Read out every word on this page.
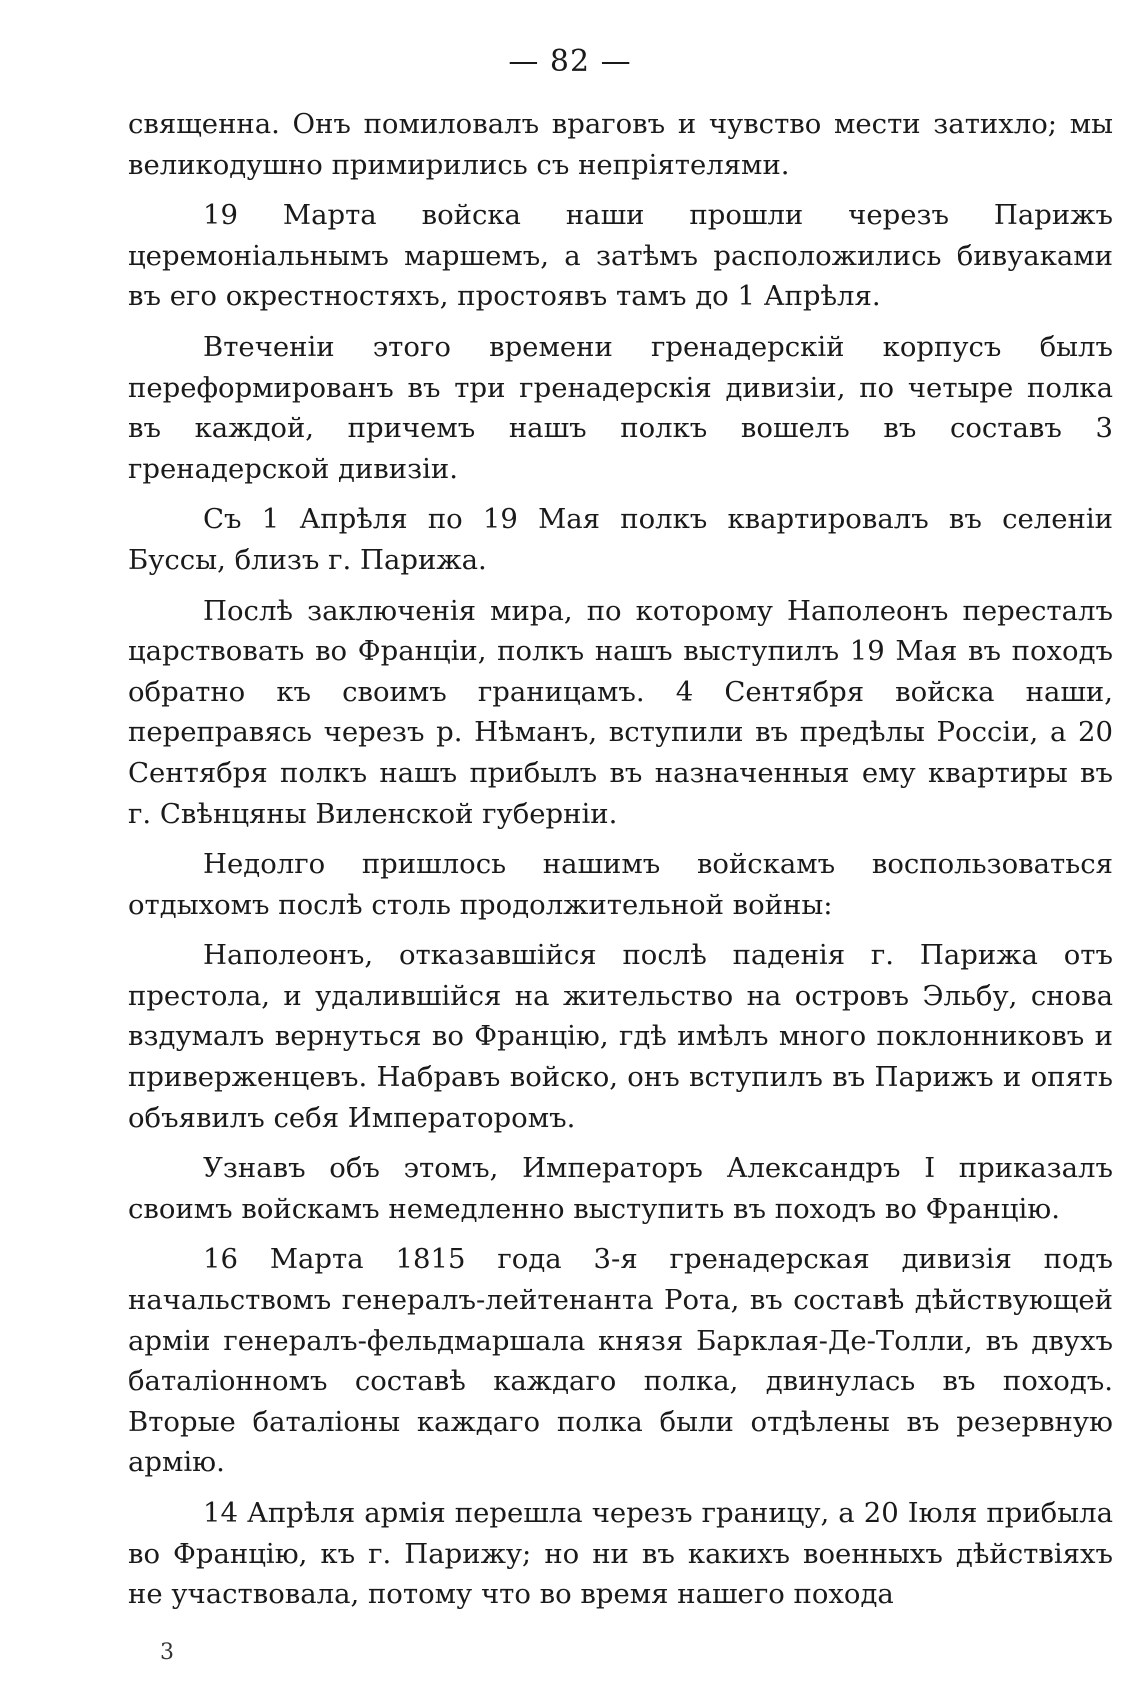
— 82 —

священна. Онъ помиловалъ враговъ и чувство мести затихло; мы великодушно примирились съ непріятелями.

19 Марта войска наши прошли черезъ Парижъ церемоніальнымъ маршемъ, а затѣмъ расположились бивуаками въ его окрестностяхъ, простоявъ тамъ до 1 Апрѣля.

Втеченіи этого времени гренадерскій корпусъ былъ переформированъ въ три гренадерскія дивизіи, по четыре полка въ каждой, причемъ нашъ полкъ вошелъ въ составъ 3 гренадерской дивизіи.

Съ 1 Апрѣля по 19 Мая полкъ квартировалъ въ селеніи Буссы, близъ г. Парижа.

Послѣ заключенія мира, по которому Наполеонъ пересталъ царствовать во Франціи, полкъ нашъ выступилъ 19 Мая въ походъ обратно къ своимъ границамъ. 4 Сентября войска наши, переправясь черезъ р. Нѣманъ, вступили въ предѣлы Россіи, а 20 Сентября полкъ нашъ прибылъ въ назначенныя ему квартиры въ г. Свѣнцяны Виленской губерніи.

Недолго пришлось нашимъ войскамъ воспользоваться отдыхомъ послѣ столь продолжительной войны:

Наполеонъ, отказавшійся послѣ паденія г. Парижа отъ престола, и удалившійся на жительство на островъ Эльбу, снова вздумалъ вернуться во Францію, гдѣ имѣлъ много поклонниковъ и приверженцевъ. Набравъ войско, онъ вступилъ въ Парижъ и опять объявилъ себя Императоромъ.

Узнавъ объ этомъ, Императоръ Александръ I приказалъ своимъ войскамъ немедленно выступить въ походъ во Францію.

16 Марта 1815 года 3-я гренадерская дивизія подъ начальствомъ генералъ-лейтенанта Рота, въ составѣ дѣйствующей арміи генералъ-фельдмаршала князя Барклая-Де-Толли, въ двухъ баталіонномъ составѣ каждаго полка, двинулась въ походъ. Вторые баталіоны каждаго полка были отдѣлены въ резервную армію.

14 Апрѣля армія перешла черезъ границу, а 20 Іюля прибыла во Францію, къ г. Парижу; но ни въ какихъ военныхъ дѣйствіяхъ не участвовала, потому что во время нашего похода

3
